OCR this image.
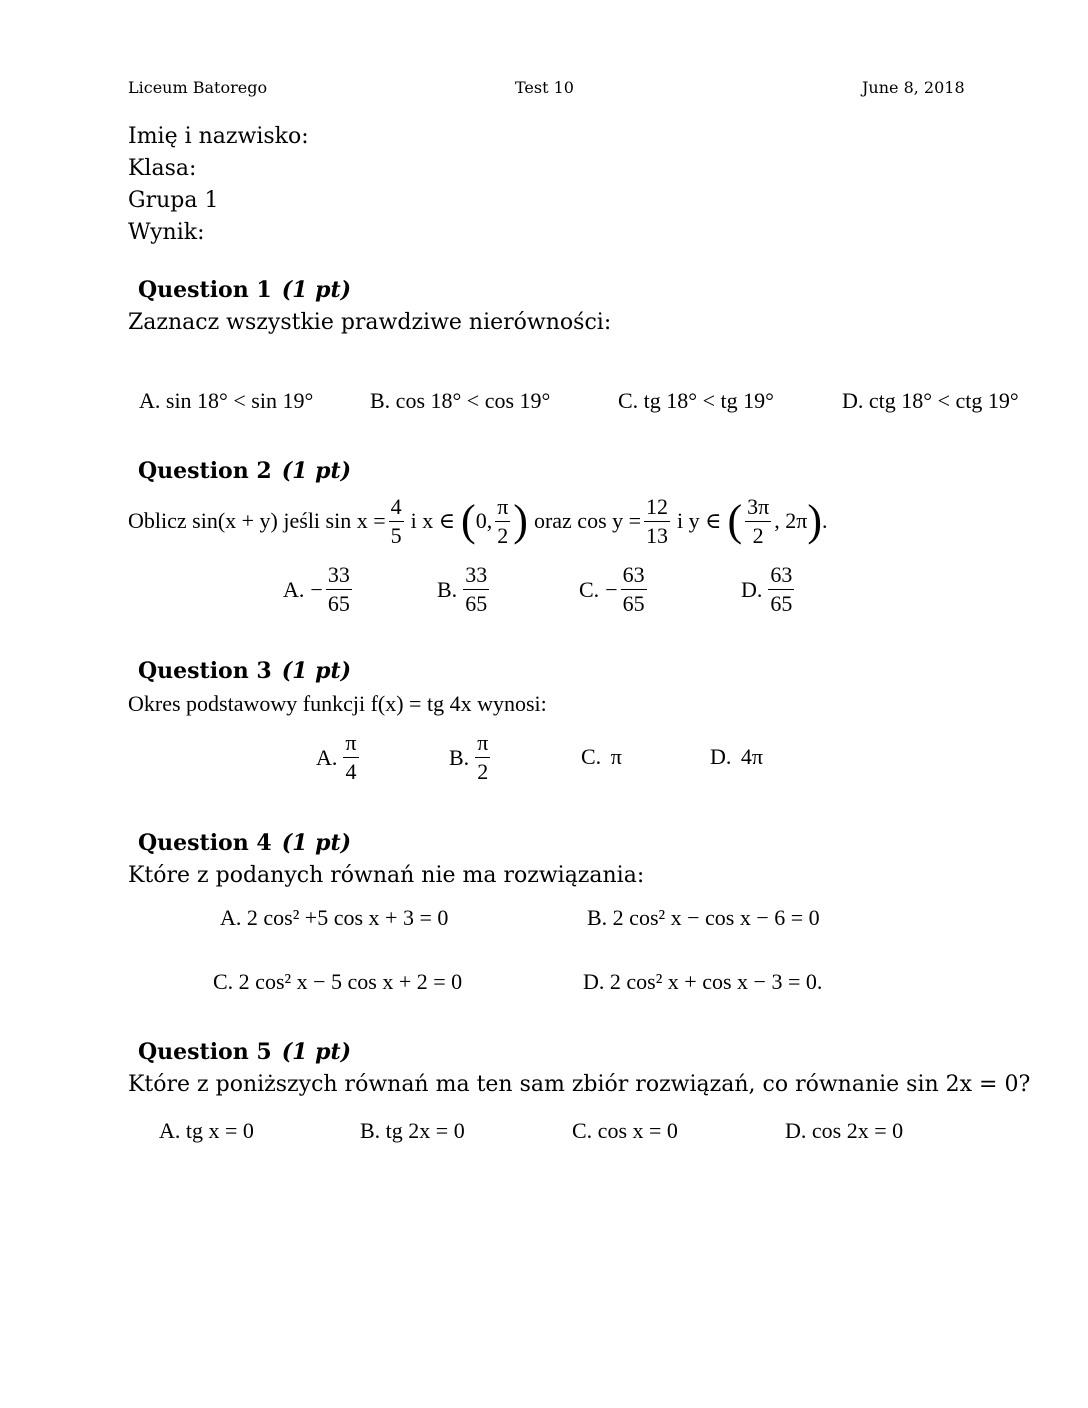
Liceum Batorego	Test 10	June 8, 2018
Imię i nazwisko:
Klasa:
Grupa 1
Wynik:
Question 1 (1 pt)
Zaznacz wszystkie prawdziwe nierówności:
A. sin 18° < sin 19°	B. cos 18° < cos 19°	C. tg 18° < tg 19°	D. ctg 18° < ctg 19°
Question 2 (1 pt)
Oblicz sin(x + y) jeśli $\sin x = \frac{4}{5}$ i x ∈ ( 0, $\frac{\pi}{2}$ ) oraz $\cos y = \frac{12}{13}$ i y ∈ ( $\frac{3\pi}{2}$ , 2π ) .
A. − $\frac{33}{65}$	B. $\frac{33}{65}$	C. − $\frac{63}{65}$	D. $\frac{63}{65}$
Question 3 (1 pt)
Okres podstawowy funkcji f(x) = tg 4x wynosi:
A. $\frac{\pi}{4}$	B. $\frac{\pi}{2}$	C. π	D. 4π
Question 4 (1 pt)
Które z podanych równań nie ma rozwiązania:
A. 2 cos² +5 cos x + 3 = 0	B. 2 cos² x − cos x − 6 = 0
C. 2 cos² x − 5 cos x + 2 = 0	D. 2 cos² x + cos x − 3 = 0.
Question 5 (1 pt)
Które z poniższych równań ma ten sam zbiór rozwiązań, co równanie sin 2x = 0?
A. tg x = 0	B. tg 2x = 0	C. cos x = 0	D. cos 2x = 0
